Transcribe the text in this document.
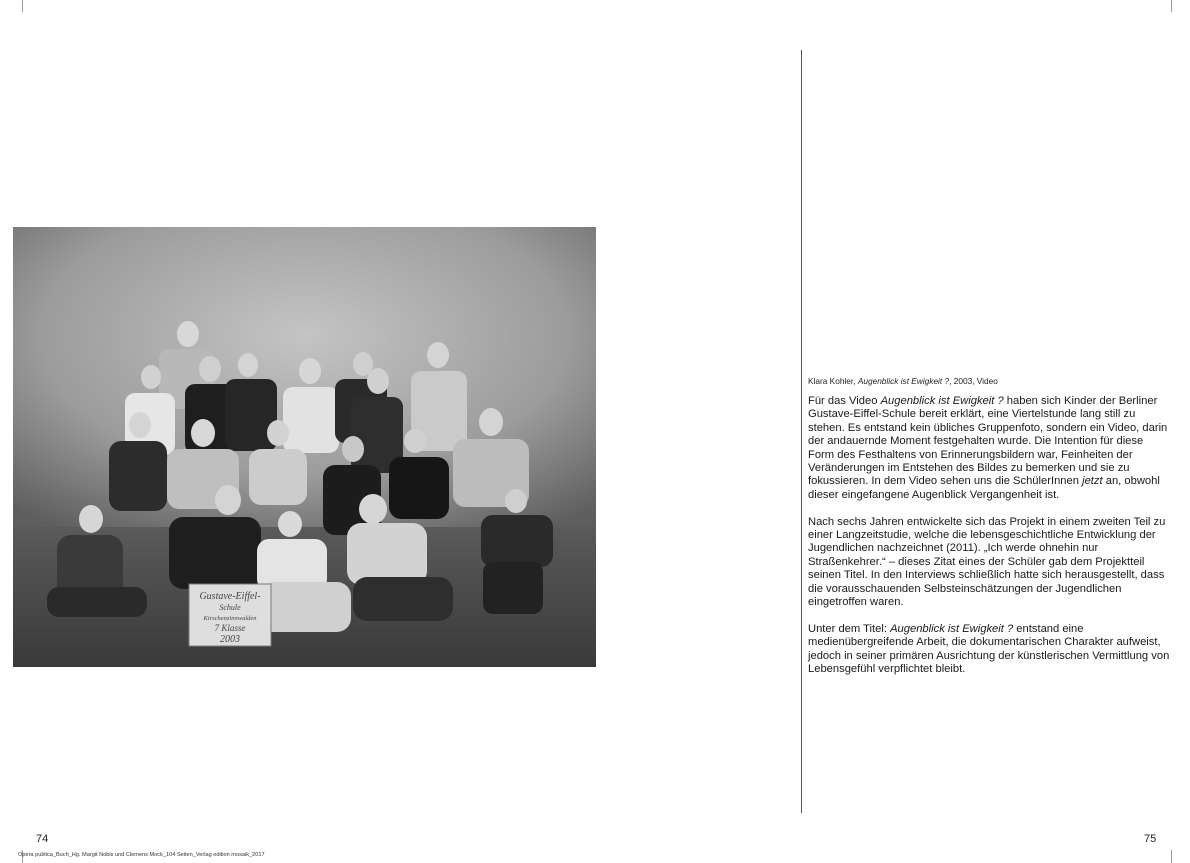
Gustave-Eiffel-
Schule
Kirschenzinnwalden
7 Klasse
2003
Klara Kohler, Augenblick ist Ewigkeit ?, 2003, Video

Für das Video Augenblick ist Ewigkeit ? haben sich Kinder der Berliner Gustave-Eiffel-Schule bereit erklärt, eine Viertelstunde lang still zu stehen. Es entstand kein übliches Gruppenfoto, sondern ein Video, darin der andauernde Moment festgehalten wurde. Die Intention für diese Form des Festhaltens von Erinnerungsbildern war, Feinheiten der Veränderungen im Entstehen des Bildes zu bemerken und sie zu fokussieren. In dem Video sehen uns die SchülerInnen jetzt an, obwohl dieser eingefangene Augenblick Vergangenheit ist.

Nach sechs Jahren entwickelte sich das Projekt in einem zweiten Teil zu einer Langzeitstudie, welche die lebensgeschichtliche Entwicklung der Jugendlichen nachzeichnet (2011). „Ich werde ohnehin nur Straßenkehrer.“ – dieses Zitat eines der Schüler gab dem Projektteil seinen Titel. In den Interviews schließlich hatte sich herausgestellt, dass die vorausschauenden Selbsteinschätzungen der Jugendlichen eingetroffen waren.

Unter dem Titel: Augenblick ist Ewigkeit ? entstand eine medienübergreifende Arbeit, die dokumentarischen Charakter aufweist, jedoch in seiner primären Ausrichtung der künstlerischen Vermittlung von Lebensgefühl verpflichtet bleibt.

74	75
Opera publica_Buch_Hg. Margit Nobis und Clemens Mock_104 Seiten_Verlag edition mosaik_2017
